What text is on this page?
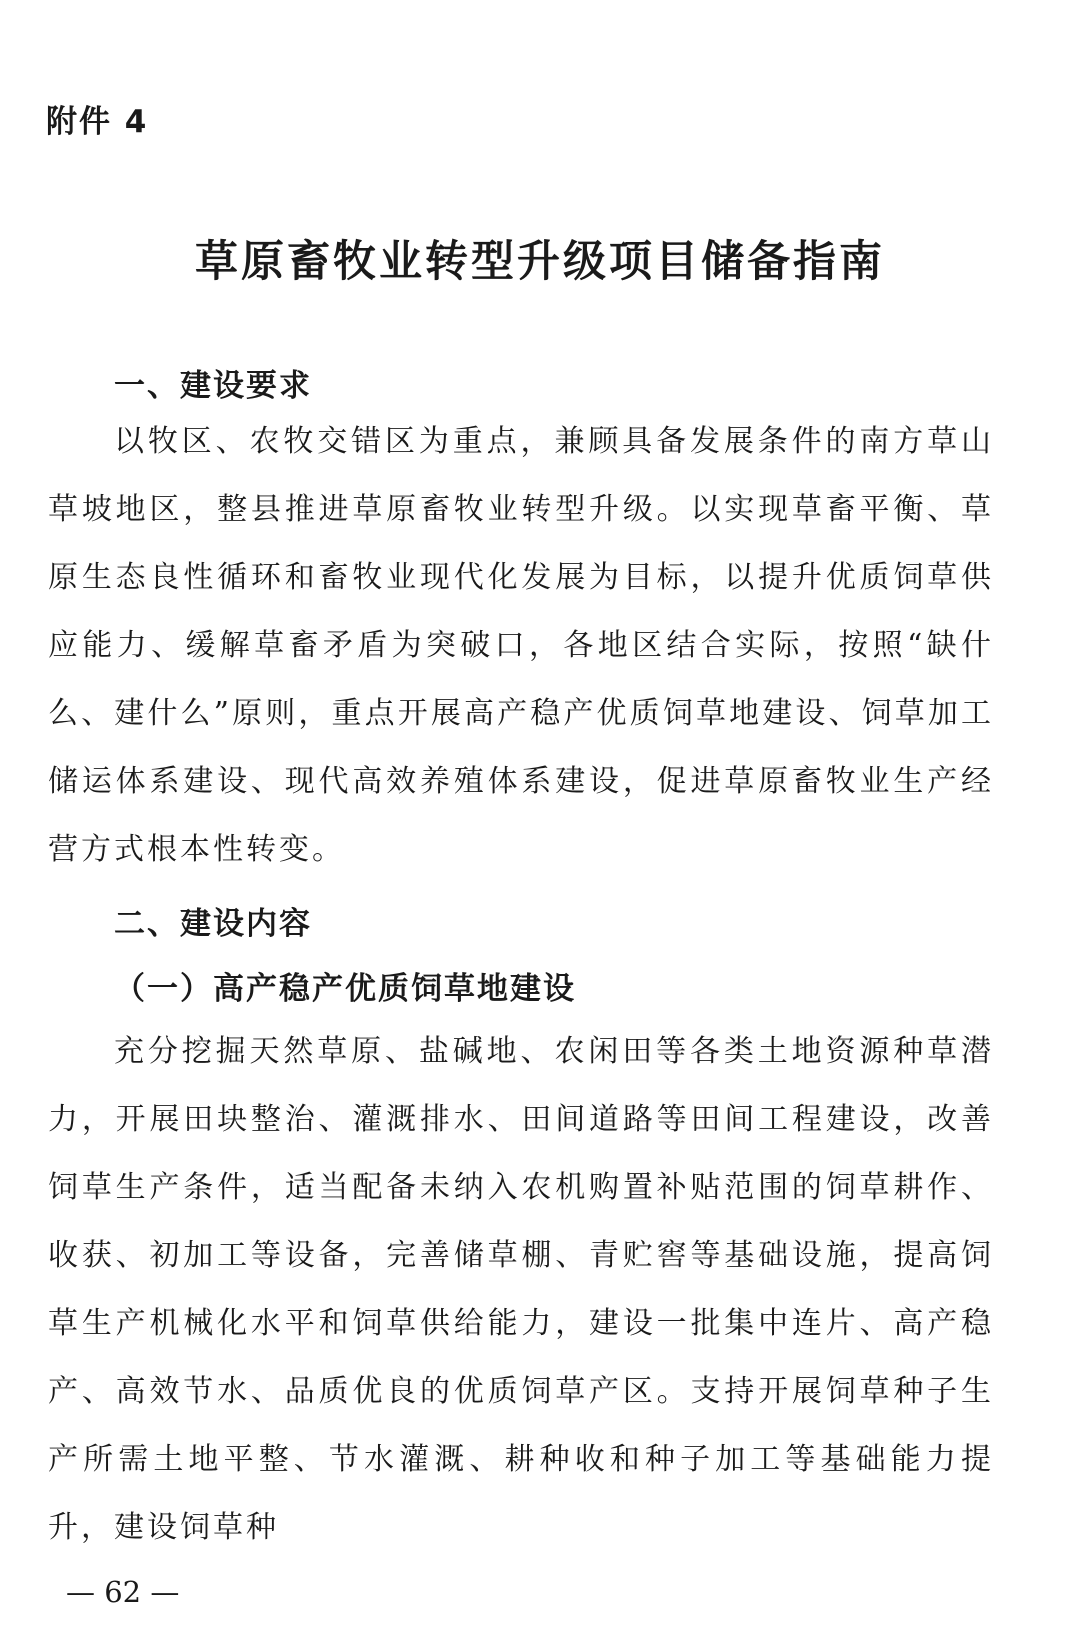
附件 4

草原畜牧业转型升级项目储备指南
一、建设要求

以牧区、农牧交错区为重点，兼顾具备发展条件的南方草山草坡地区，整县推进草原畜牧业转型升级。以实现草畜平衡、草原生态良性循环和畜牧业现代化发展为目标，以提升优质饲草供应能力、缓解草畜矛盾为突破口，各地区结合实际，按照“缺什么、建什么”原则，重点开展高产稳产优质饲草地建设、饲草加工储运体系建设、现代高效养殖体系建设，促进草原畜牧业生产经营方式根本性转变。

二、建设内容
（一）高产稳产优质饲草地建设

充分挖掘天然草原、盐碱地、农闲田等各类土地资源种草潜力，开展田块整治、灌溉排水、田间道路等田间工程建设，改善饲草生产条件，适当配备未纳入农机购置补贴范围的饲草耕作、收获、初加工等设备，完善储草棚、青贮窖等基础设施，提高饲草生产机械化水平和饲草供给能力，建设一批集中连片、高产稳产、高效节水、品质优良的优质饲草产区。支持开展饲草种子生产所需土地平整、节水灌溉、耕种收和种子加工等基础能力提升，建设饲草种

— 62 —
